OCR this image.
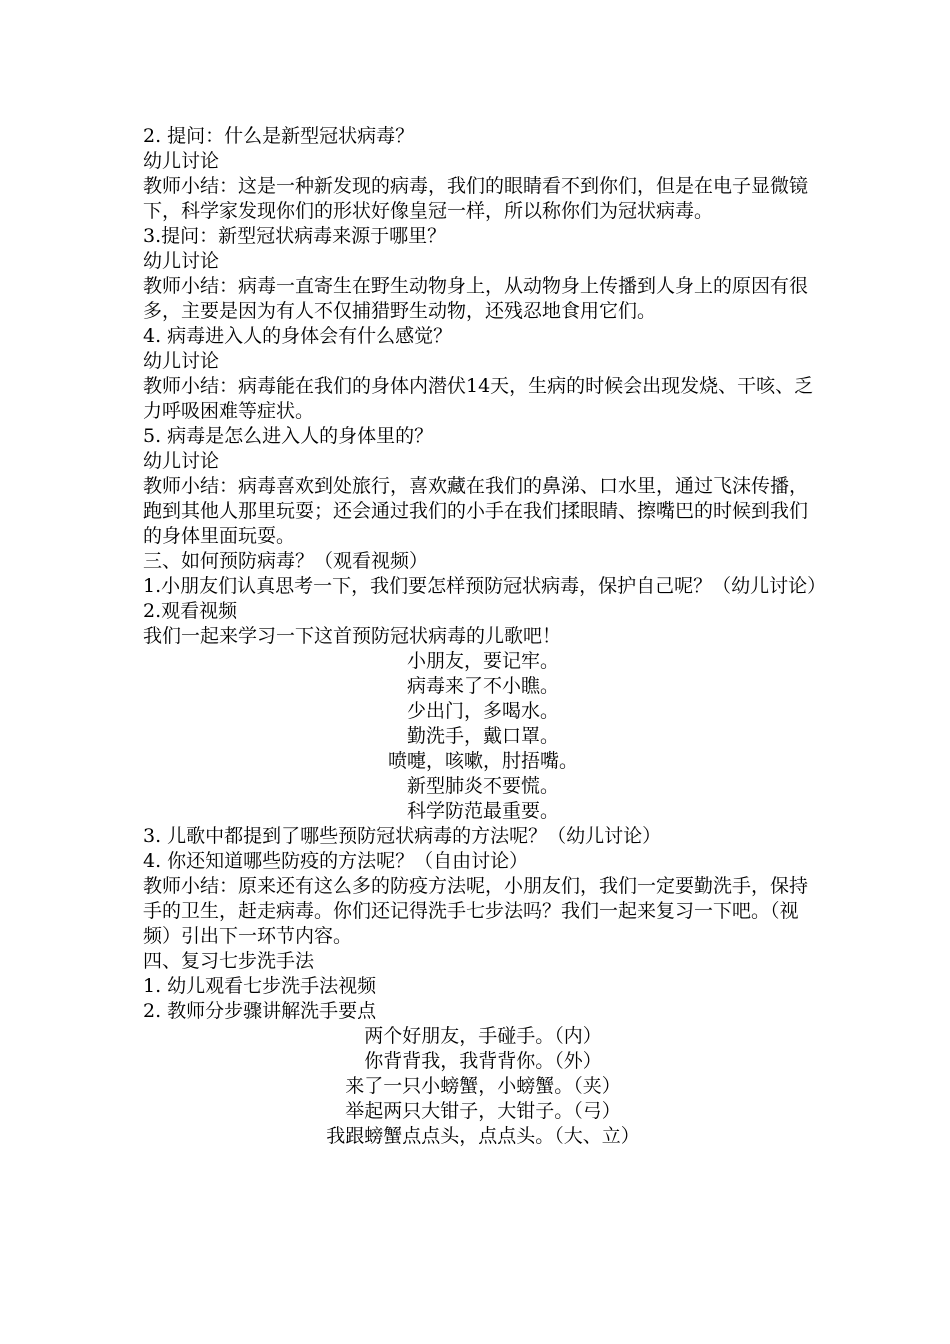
2. 提问：什么是新型冠状病毒？

幼儿讨论

教师小结：这是一种新发现的病毒，我们的眼睛看不到你们，但是在电子显微镜下，科学家发现你们的形状好像皇冠一样，所以称你们为冠状病毒。

3.提问：新型冠状病毒来源于哪里？

幼儿讨论

教师小结：病毒一直寄生在野生动物身上，从动物身上传播到人身上的原因有很多，主要是因为有人不仅捕猎野生动物，还残忍地食用它们。

4. 病毒进入人的身体会有什么感觉？

幼儿讨论

教师小结：病毒能在我们的身体内潜伏14天，生病的时候会出现发烧、干咳、乏力呼吸困难等症状。

5. 病毒是怎么进入人的身体里的？

幼儿讨论

教师小结：病毒喜欢到处旅行，喜欢藏在我们的鼻涕、口水里，通过飞沫传播，跑到其他人那里玩耍；还会通过我们的小手在我们揉眼睛、擦嘴巴的时候到我们的身体里面玩耍。

三、如何预防病毒？（观看视频）

1.小朋友们认真思考一下，我们要怎样预防冠状病毒，保护自己呢？（幼儿讨论）

2.观看视频

我们一起来学习一下这首预防冠状病毒的儿歌吧！

小朋友，要记牢。

病毒来了不小瞧。

少出门，多喝水。

勤洗手，戴口罩。

喷嚏，咳嗽，肘捂嘴。

新型肺炎不要慌。

科学防范最重要。

3. 儿歌中都提到了哪些预防冠状病毒的方法呢？（幼儿讨论）

4. 你还知道哪些防疫的方法呢？（自由讨论）

教师小结：原来还有这么多的防疫方法呢，小朋友们，我们一定要勤洗手，保持手的卫生，赶走病毒。你们还记得洗手七步法吗？我们一起来复习一下吧。（视频）引出下一环节内容。

四、复习七步洗手法

1. 幼儿观看七步洗手法视频

2. 教师分步骤讲解洗手要点

两个好朋友，手碰手。（内）

你背背我，我背背你。（外）

来了一只小螃蟹，小螃蟹。（夹）

举起两只大钳子，大钳子。（弓）

我跟螃蟹点点头，点点头。（大、立）
